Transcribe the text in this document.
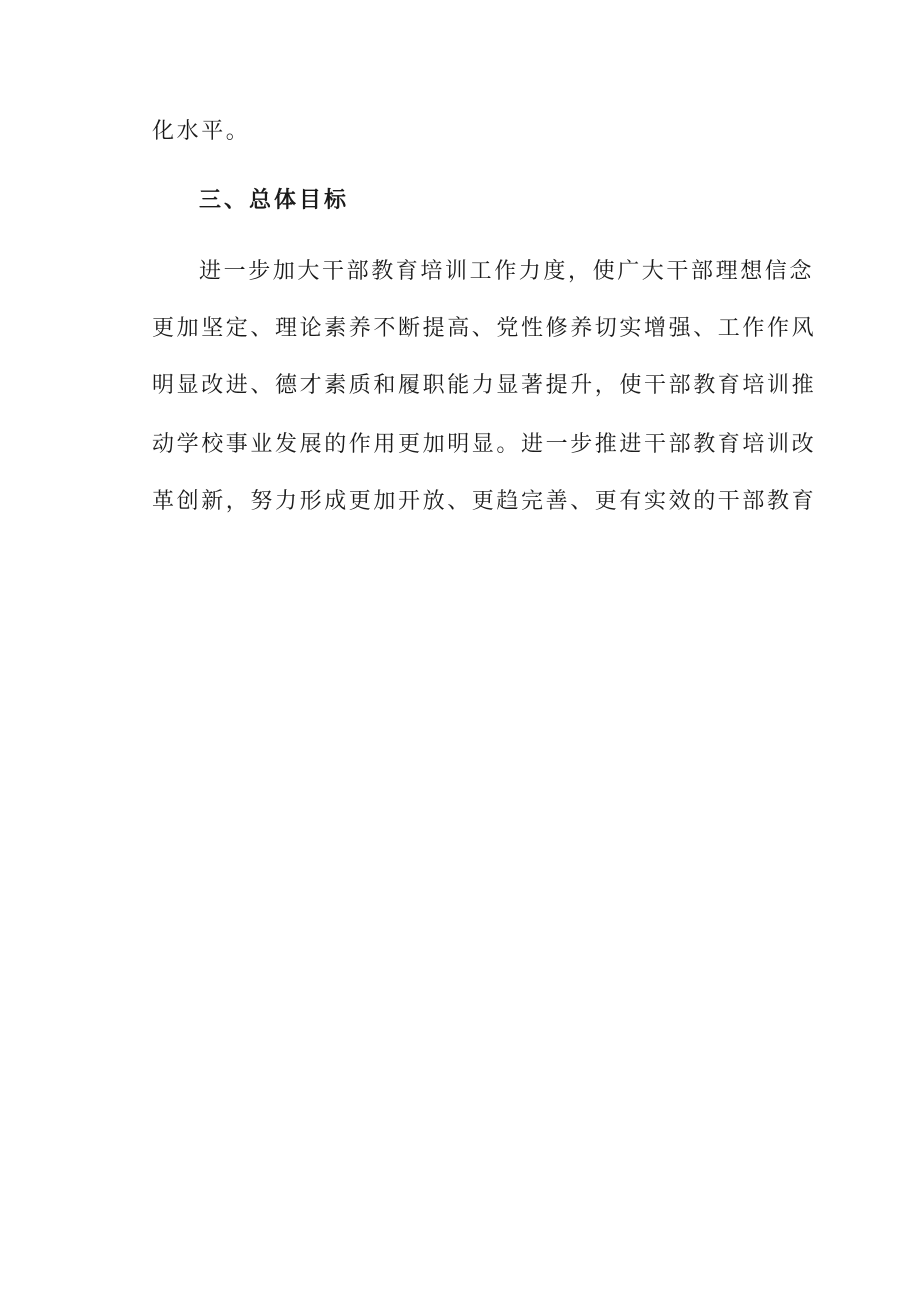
化水平。
三、总体目标
进一步加大干部教育培训工作力度，使广大干部理想信念
更加坚定、理论素养不断提高、党性修养切实增强、工作作风
明显改进、德才素质和履职能力显著提升，使干部教育培训推
动学校事业发展的作用更加明显。进一步推进干部教育培训改
革创新，努力形成更加开放、更趋完善、更有实效的干部教育
